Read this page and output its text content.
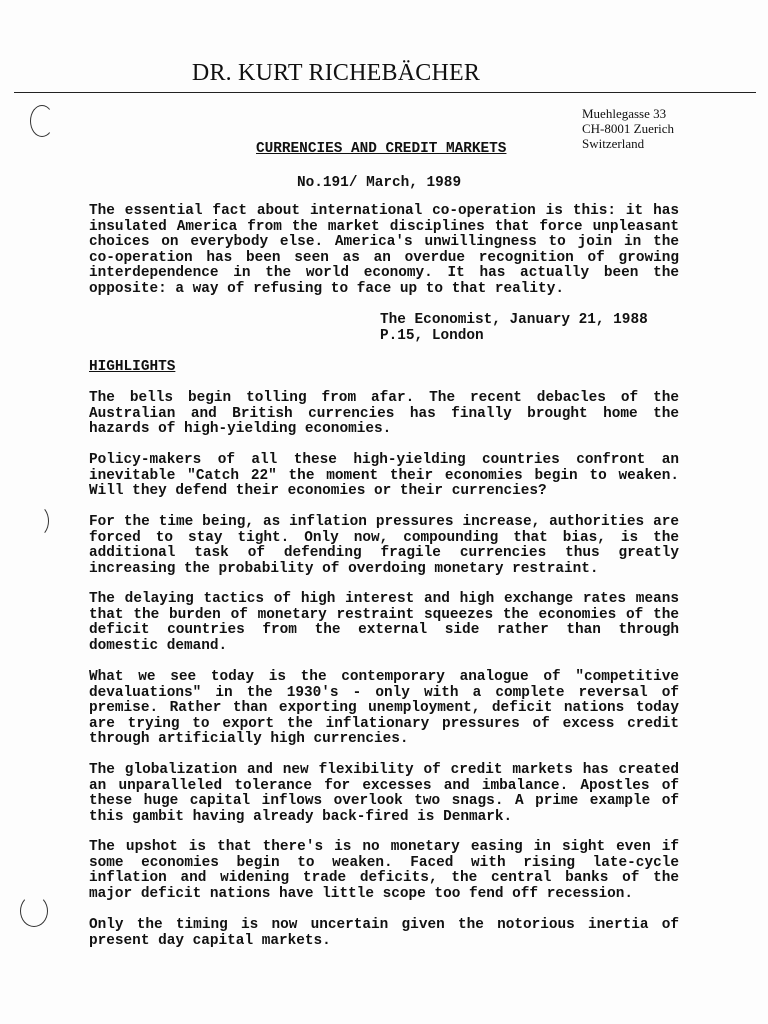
DR. KURT RICHEBÄCHER
Muehlegasse 33
CH-8001 Zuerich
Switzerland
CURRENCIES AND CREDIT MARKETS
No.191/ March, 1989

The essential fact about international co-operation is this: it has insulated America from the market disciplines that force unpleasant choices on everybody else. America's unwillingness to join in the co-operation has been seen as an overdue recognition of growing interdependence in the world economy. It has actually been the opposite: a way of refusing to face up to that reality.

The Economist, January 21, 1988
P.15, London
HIGHLIGHTS

The bells begin tolling from afar. The recent debacles of the Australian and British currencies has finally brought home the hazards of high-yielding economies.

Policy-makers of all these high-yielding countries confront an inevitable "Catch 22" the moment their economies begin to weaken. Will they defend their economies or their currencies?

For the time being, as inflation pressures increase, authorities are forced to stay tight. Only now, compounding that bias, is the additional task of defending fragile currencies thus greatly increasing the probability of overdoing monetary restraint.

The delaying tactics of high interest and high exchange rates means that the burden of monetary restraint squeezes the economies of the deficit countries from the external side rather than through domestic demand.

What we see today is the contemporary analogue of "competitive devaluations" in the 1930's - only with a complete reversal of premise. Rather than exporting unemployment, deficit nations today are trying to export the inflationary pressures of excess credit through artificially high currencies.

The globalization and new flexibility of credit markets has created an unparalleled tolerance for excesses and imbalance. Apostles of these huge capital inflows overlook two snags. A prime example of this gambit having already back-fired is Denmark.

The upshot is that there's is no monetary easing in sight even if some economies begin to weaken. Faced with rising late-cycle inflation and widening trade deficits, the central banks of the major deficit nations have little scope too fend off recession.

Only the timing is now uncertain given the notorious inertia of present day capital markets.
